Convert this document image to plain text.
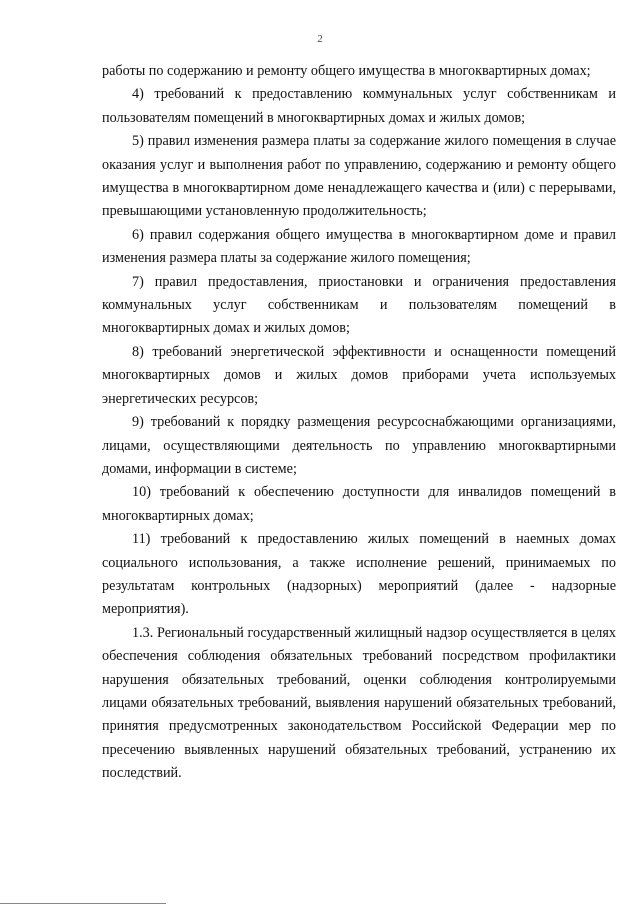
2

работы по содержанию и ремонту общего имущества в многоквартирных домах;

4) требований к предоставлению коммунальных услуг собственникам и пользователям помещений в многоквартирных домах и жилых домов;

5) правил изменения размера платы за содержание жилого помещения в случае оказания услуг и выполнения работ по управлению, содержанию и ремонту общего имущества в многоквартирном доме ненадлежащего качества и (или) с перерывами, превышающими установленную продолжительность;

6) правил содержания общего имущества в многоквартирном доме и правил изменения размера платы за содержание жилого помещения;

7) правил предоставления, приостановки и ограничения предоставления коммунальных услуг собственникам и пользователям помещений в многоквартирных домах и жилых домов;

8) требований энергетической эффективности и оснащенности помещений многоквартирных домов и жилых домов приборами учета используемых энергетических ресурсов;

9) требований к порядку размещения ресурсоснабжающими организациями, лицами, осуществляющими деятельность по управлению многоквартирными домами, информации в системе;

10) требований к обеспечению доступности для инвалидов помещений в многоквартирных домах;

11) требований к предоставлению жилых помещений в наемных домах социального использования, а также исполнение решений, принимаемых по результатам контрольных (надзорных) мероприятий (далее - надзорные мероприятия).

1.3. Региональный государственный жилищный надзор осуществляется в целях обеспечения соблюдения обязательных требований посредством профилактики нарушения обязательных требований, оценки соблюдения контролируемыми лицами обязательных требований, выявления нарушений обязательных требований, принятия предусмотренных законодательством Российской Федерации мер по пресечению выявленных нарушений обязательных требований, устранению их последствий.
